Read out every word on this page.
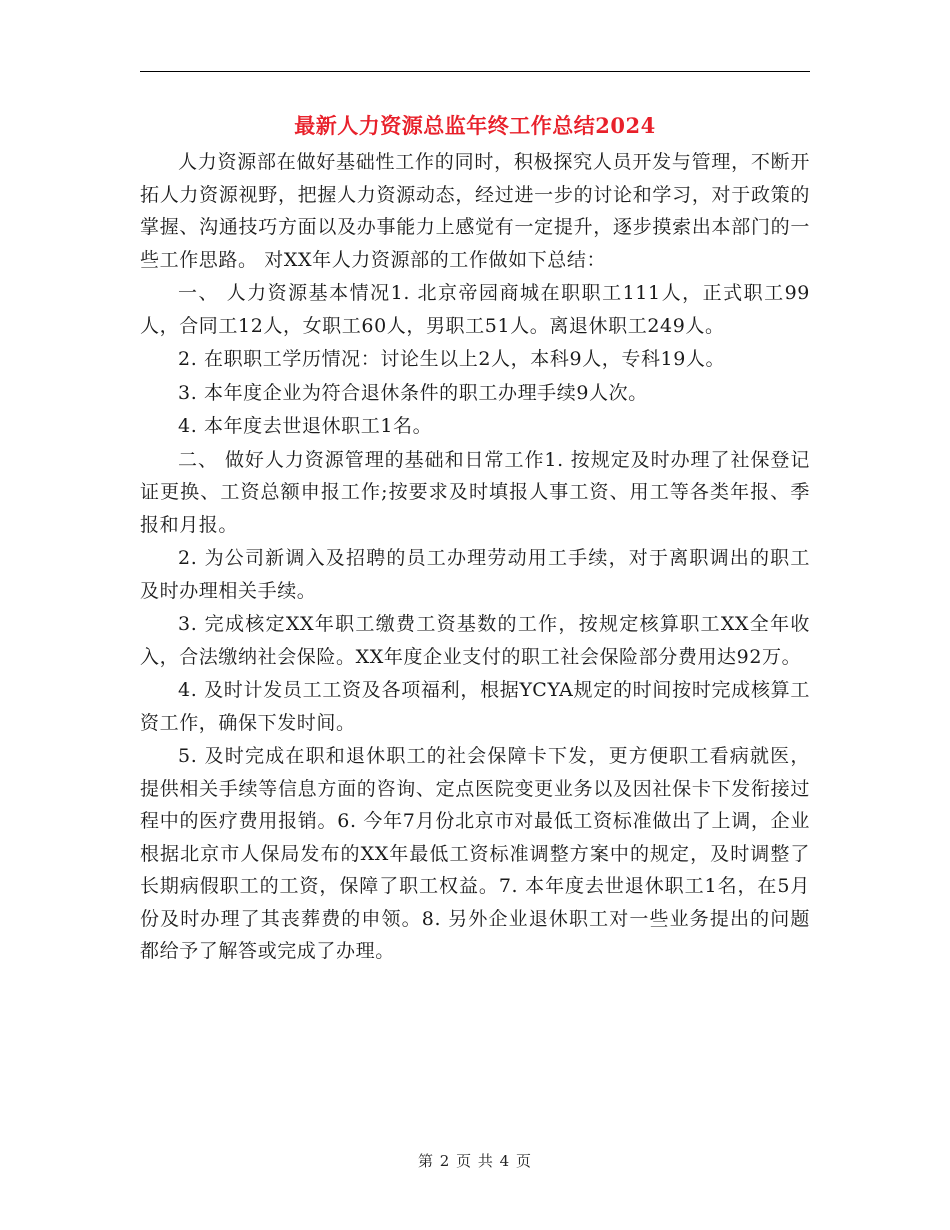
最新人力资源总监年终工作总结2024

人力资源部在做好基础性工作的同时，积极探究人员开发与管理，不断开拓人力资源视野，把握人力资源动态，经过进一步的讨论和学习，对于政策的掌握、沟通技巧方面以及办事能力上感觉有一定提升，逐步摸索出本部门的一些工作思路。 对XX年人力资源部的工作做如下总结：

一、 人力资源基本情况1. 北京帝园商城在职职工111人，正式职工99人，合同工12人，女职工60人，男职工51人。离退休职工249人。

2. 在职职工学历情况：讨论生以上2人，本科9人，专科19人。

3. 本年度企业为符合退休条件的职工办理手续9人次。

4. 本年度去世退休职工1名。

二、 做好人力资源管理的基础和日常工作1. 按规定及时办理了社保登记证更换、工资总额申报工作;按要求及时填报人事工资、用工等各类年报、季报和月报。

2. 为公司新调入及招聘的员工办理劳动用工手续，对于离职调出的职工及时办理相关手续。

3. 完成核定XX年职工缴费工资基数的工作，按规定核算职工XX全年收入，合法缴纳社会保险。XX年度企业支付的职工社会保险部分费用达92万。

4. 及时计发员工工资及各项福利，根据YCYA规定的时间按时完成核算工资工作，确保下发时间。

5. 及时完成在职和退休职工的社会保障卡下发，更方便职工看病就医，提供相关手续等信息方面的咨询、定点医院变更业务以及因社保卡下发衔接过程中的医疗费用报销。6. 今年7月份北京市对最低工资标准做出了上调，企业根据北京市人保局发布的XX年最低工资标准调整方案中的规定，及时调整了长期病假职工的工资，保障了职工权益。7. 本年度去世退休职工1名，在5月份及时办理了其丧葬费的申领。8. 另外企业退休职工对一些业务提出的问题都给予了解答或完成了办理。

第 2 页 共 4 页
